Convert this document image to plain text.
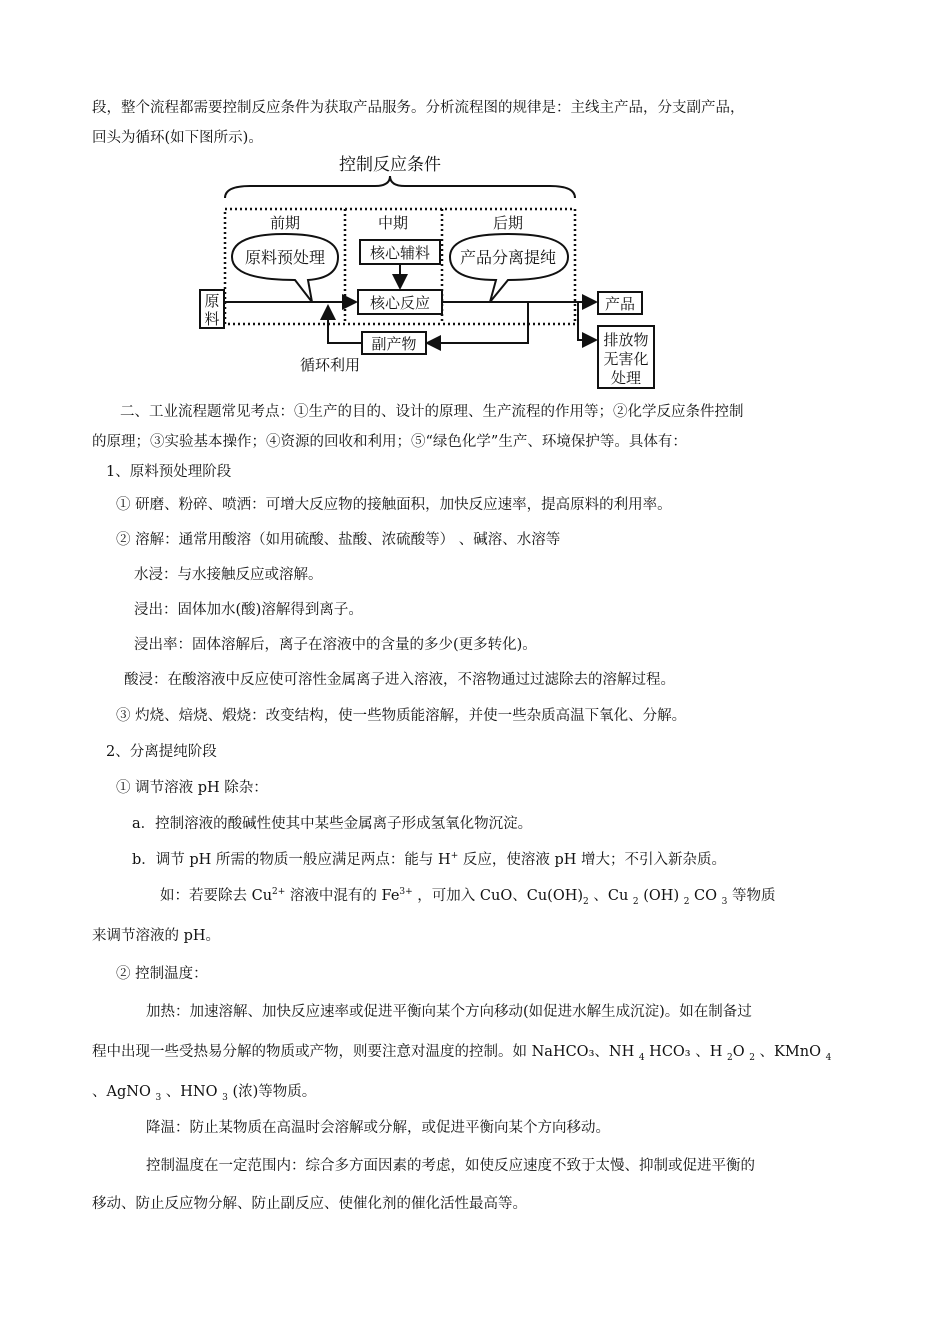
段，整个流程都需要控制反应条件为获取产品服务。分析流程图的规律是：主线主产品，分支副产品，
回头为循环(如下图所示)。
控制反应条件
前期	中期	后期
原料预处理	核心辅料
核心反应
产品分离提纯
原
料
产品
排放物
无害化
处理
副产物
循环利用
二、工业流程题常见考点：①生产的目的、设计的原理、生产流程的作用等；②化学反应条件控制
的原理；③实验基本操作；④资源的回收和利用；⑤“绿色化学”生产、环境保护等。具体有：
1、原料预处理阶段
① 研磨、粉碎、喷洒：可增大反应物的接触面积，加快反应速率，提高原料的利用率。
② 溶解：通常用酸溶（如用硫酸、盐酸、浓硫酸等） 、碱溶、水溶等
水浸：与水接触反应或溶解。
浸出：固体加水(酸)溶解得到离子。
浸出率：固体溶解后，离子在溶液中的含量的多少(更多转化)。
酸浸：在酸溶液中反应使可溶性金属离子进入溶液，不溶物通过过滤除去的溶解过程。
③ 灼烧、焙烧、煅烧：改变结构，使一些物质能溶解，并使一些杂质高温下氧化、分解。
2、分离提纯阶段
① 调节溶液 pH 除杂：
a．控制溶液的酸碱性使其中某些金属离子形成氢氧化物沉淀。
b．调节 pH 所需的物质一般应满足两点：能与 H+ 反应，使溶液 pH 增大；不引入新杂质。
如：若要除去 $Cu^{2+}$ 溶液中混有的 $Fe^{3+}$ ，可加入 CuO、$Cu(OH)_2$ 、Cu $_2$ (OH) $_2$ CO $_3$ 等物质
来调节溶液的 pH。
② 控制温度：
加热：加速溶解、加快反应速率或促进平衡向某个方向移动(如促进水解生成沉淀)。如在制备过
程中出现一些受热易分解的物质或产物，则要注意对温度的控制。如 NaHCO₃、NH $_4$ HCO₃ 、H $_2$O $_2$ 、KMnO $_4$
、AgNO $_3$ 、HNO $_3$ (浓)等物质。
降温：防止某物质在高温时会溶解或分解，或促进平衡向某个方向移动。
控制温度在一定范围内：综合多方面因素的考虑，如使反应速度不致于太慢、抑制或促进平衡的
移动、防止反应物分解、防止副反应、使催化剂的催化活性最高等。
